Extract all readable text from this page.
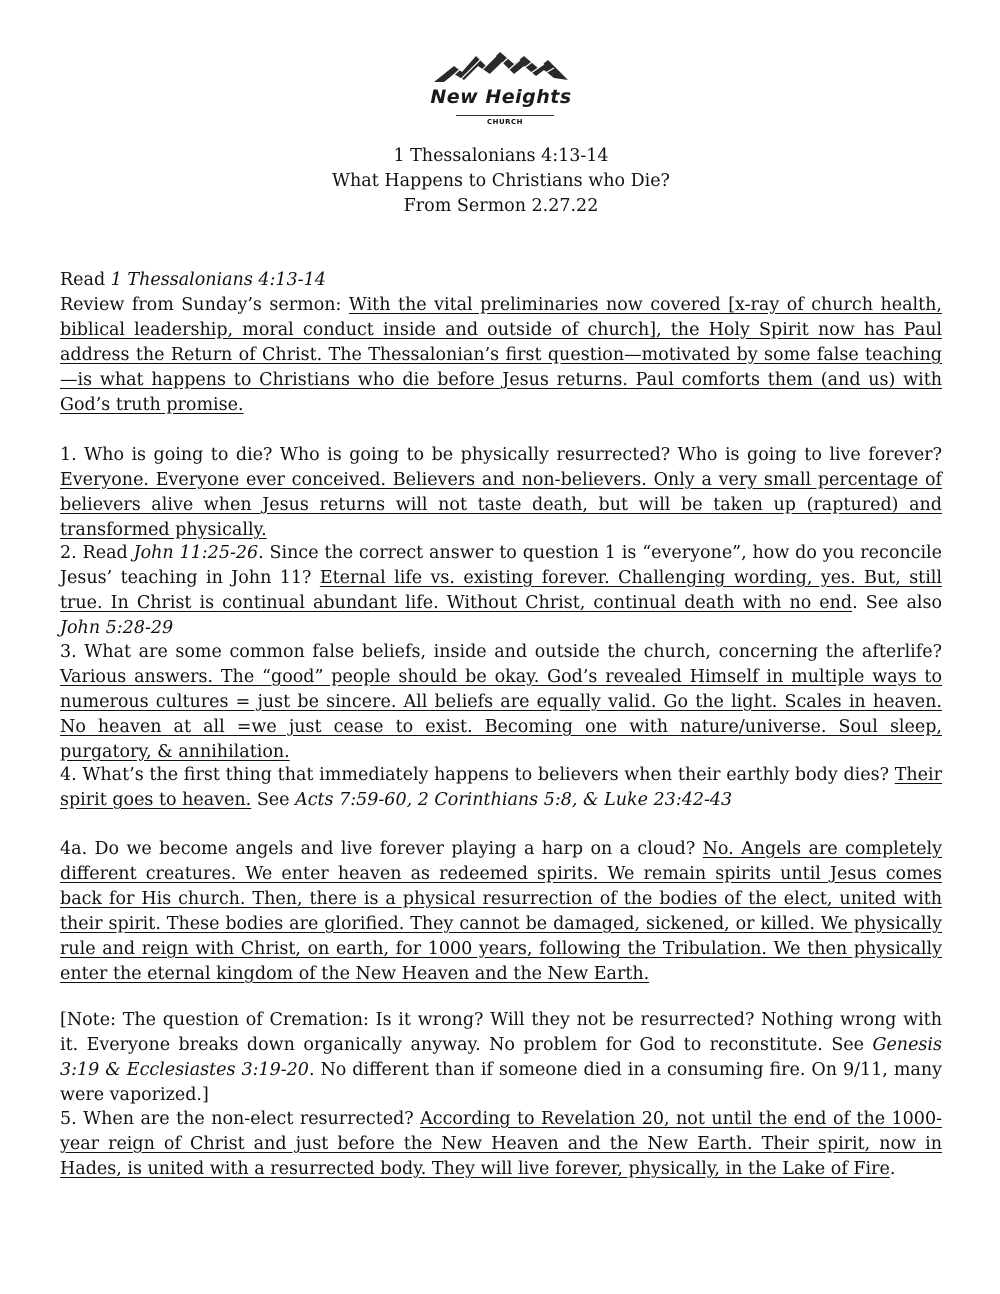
New Heights
CHURCH
1 Thessalonians 4:13-14
What Happens to Christians who Die?
From Sermon 2.27.22

Read 1 Thessalonians 4:13-14

Review from Sunday’s sermon: With the vital preliminaries now covered [x-ray of church health, biblical leadership, moral conduct inside and outside of church], the Holy Spirit now has Paul address the Return of Christ. The Thessalonian’s first question—motivated by some false teaching—is what happens to Christians who die before Jesus returns. Paul comforts them (and us) with God’s truth promise.

1. Who is going to die? Who is going to be physically resurrected? Who is going to live forever? Everyone. Everyone ever conceived. Believers and non-believers. Only a very small percentage of believers alive when Jesus returns will not taste death, but will be taken up (raptured) and transformed physically.

2. Read John 11:25-26. Since the correct answer to question 1 is “everyone”, how do you reconcile Jesus’ teaching in John 11? Eternal life vs. existing forever. Challenging wording, yes. But, still true. In Christ is continual abundant life. Without Christ, continual death with no end. See also John 5:28-29

3. What are some common false beliefs, inside and outside the church, concerning the afterlife? Various answers. The “good” people should be okay. God’s revealed Himself in multiple ways to numerous cultures = just be sincere. All beliefs are equally valid. Go the light. Scales in heaven. No heaven at all =we just cease to exist. Becoming one with nature/universe. Soul sleep, purgatory, & annihilation.

4. What’s the first thing that immediately happens to believers when their earthly body dies? Their spirit goes to heaven. See Acts 7:59-60, 2 Corinthians 5:8, & Luke 23:42-43

4a. Do we become angels and live forever playing a harp on a cloud? No. Angels are completely different creatures. We enter heaven as redeemed spirits. We remain spirits until Jesus comes back for His church. Then, there is a physical resurrection of the bodies of the elect, united with their spirit. These bodies are glorified. They cannot be damaged, sickened, or killed. We physically rule and reign with Christ, on earth, for 1000 years, following the Tribulation. We then physically enter the eternal kingdom of the New Heaven and the New Earth.

[Note: The question of Cremation: Is it wrong? Will they not be resurrected? Nothing wrong with it. Everyone breaks down organically anyway. No problem for God to reconstitute. See Genesis 3:19 & Ecclesiastes 3:19-20. No different than if someone died in a consuming fire. On 9/11, many were vaporized.]

5. When are the non-elect resurrected? According to Revelation 20, not until the end of the 1000-year reign of Christ and just before the New Heaven and the New Earth. Their spirit, now in Hades, is united with a resurrected body. They will live forever, physically, in the Lake of Fire.
